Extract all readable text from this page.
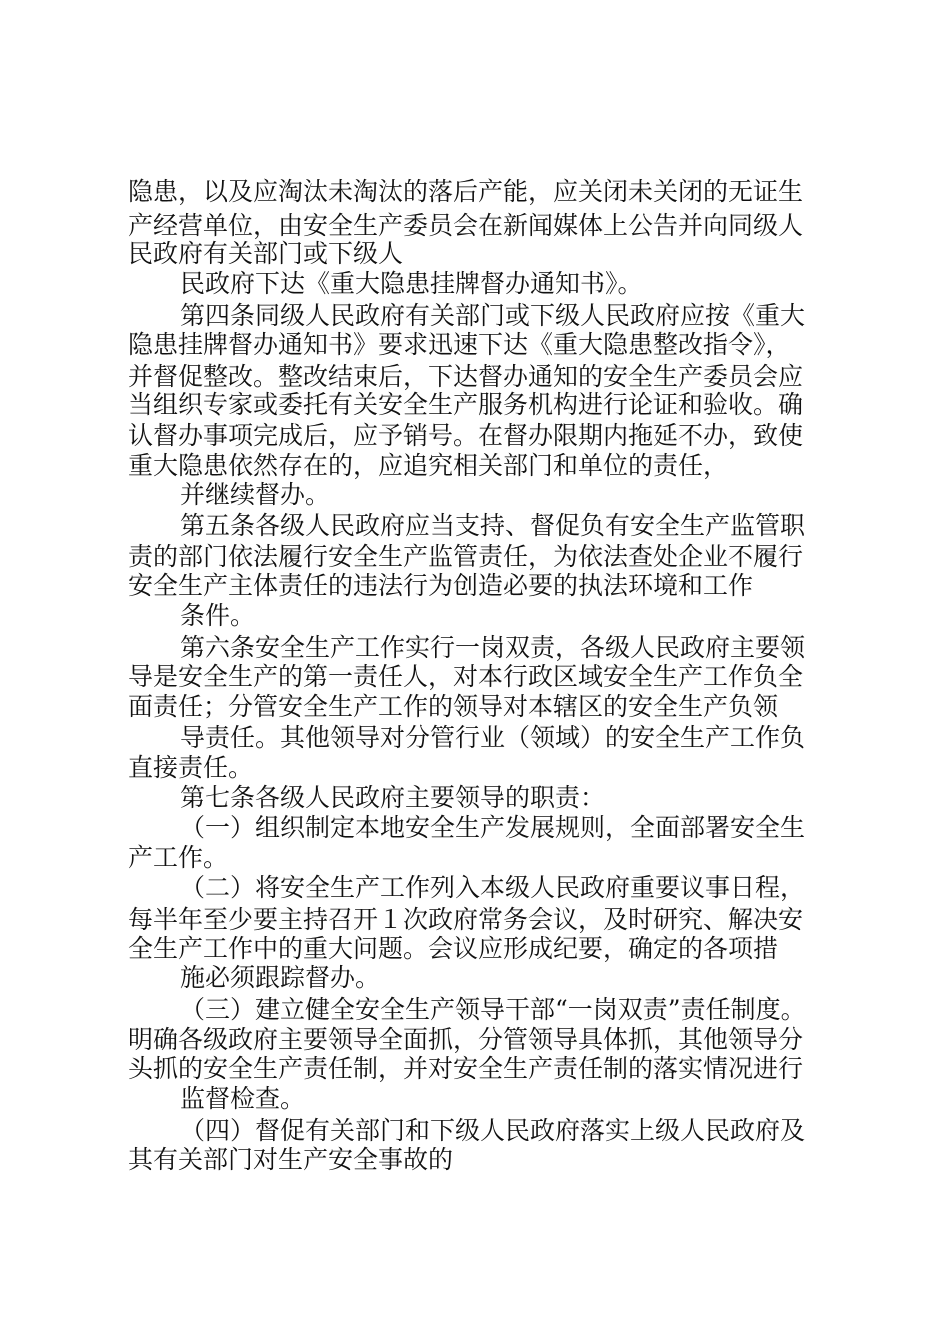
隐患，以及应淘汰未淘汰的落后产能，应关闭未关闭的无证生

产经营单位，由安全生产委员会在新闻媒体上公告并向同级人

民政府有关部门或下级人

民政府下达《重大隐患挂牌督办通知书》。

第四条同级人民政府有关部门或下级人民政府应按《重大

隐患挂牌督办通知书》要求迅速下达《重大隐患整改指令》，

并督促整改。整改结束后，下达督办通知的安全生产委员会应

当组织专家或委托有关安全生产服务机构进行论证和验收。确

认督办事项完成后，应予销号。在督办限期内拖延不办，致使

重大隐患依然存在的，应追究相关部门和单位的责任，

并继续督办。

第五条各级人民政府应当支持、督促负有安全生产监管职

责的部门依法履行安全生产监管责任，为依法查处企业不履行

安全生产主体责任的违法行为创造必要的执法环境和工作

条件。

第六条安全生产工作实行一岗双责，各级人民政府主要领

导是安全生产的第一责任人，对本行政区域安全生产工作负全

面责任；分管安全生产工作的领导对本辖区的安全生产负领

导责任。其他领导对分管行业（领域）的安全生产工作负

直接责任。

第七条各级人民政府主要领导的职责：

（一）组织制定本地安全生产发展规则，全面部署安全生

产工作。

（二）将安全生产工作列入本级人民政府重要议事日程，

每半年至少要主持召开１次政府常务会议，及时研究、解决安

全生产工作中的重大问题。会议应形成纪要，确定的各项措

施必须跟踪督办。

（三）建立健全安全生产领导干部“一岗双责”责任制度。

明确各级政府主要领导全面抓，分管领导具体抓，其他领导分

头抓的安全生产责任制，并对安全生产责任制的落实情况进行

监督检查。

（四）督促有关部门和下级人民政府落实上级人民政府及

其有关部门对生产安全事故的
